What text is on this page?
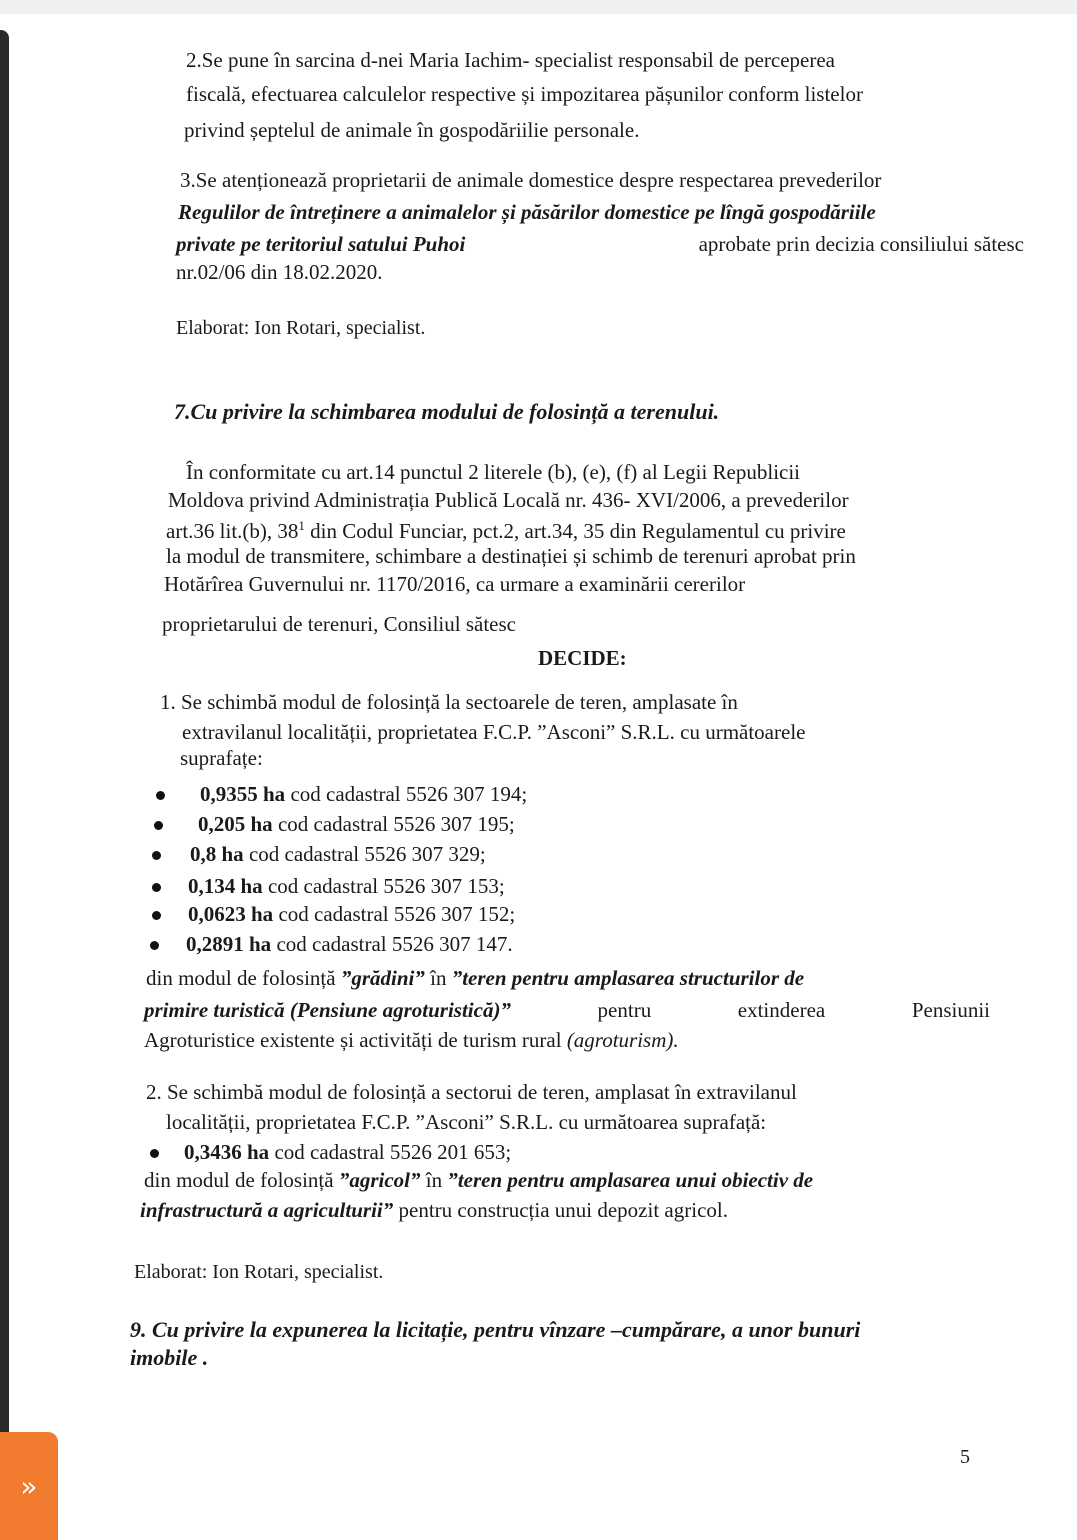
2.Se pune în sarcina d-nei Maria Iachim- specialist responsabil de perceperea
fiscală, efectuarea calculelor respective și impozitarea pășunilor conform listelor
privind șeptelul de animale în gospodăriilie personale.
3.Se atenționează proprietarii de animale domestice despre respectarea prevederilor
Regulilor de întreținere a animalelor și păsărilor domestice pe lîngă gospodăriile
private pe teritoriul satului Puhoi	aprobate prin decizia consiliului sătesc
nr.02/06 din 18.02.2020.
Elaborat: Ion Rotari, specialist.
7.Cu privire la schimbarea modului de folosință a terenului.
În conformitate cu art.14 punctul 2 literele (b), (e), (f) al Legii Republicii
Moldova privind Administrația Publică Locală nr. 436- XVI/2006, a prevederilor
art.36 lit.(b), $38^1$ din Codul Funciar, pct.2, art.34, 35 din Regulamentul cu privire
la modul de transmitere, schimbare a destinației și schimb de terenuri aprobat prin
Hotărîrea Guvernului nr. 1170/2016, ca urmare a examinării cererilor
proprietarului de terenuri, Consiliul sătesc
DECIDE:
1. Se schimbă modul de folosință la sectoarele de teren, amplasate în
extravilanul localității, proprietatea F.C.P. ”Asconi” S.R.L. cu următoarele
suprafațe:
0,9355 ha cod cadastral 5526 307 194;
0,205 ha cod cadastral 5526 307 195;
0,8 ha cod cadastral 5526 307 329;
0,134 ha cod cadastral 5526 307 153;
0,0623 ha cod cadastral 5526 307 152;
0,2891 ha cod cadastral 5526 307 147.
din modul de folosință ”grădini” în ”teren pentru amplasarea structurilor de
primire turistică (Pensiune agroturistică)”	pentru	extinderea	Pensiunii
Agroturistice existente și activități de turism rural (agroturism).
2. Se schimbă modul de folosință a sectorui de teren, amplasat în extravilanul
localității, proprietatea F.C.P. ”Asconi” S.R.L. cu următoarea suprafață:
0,3436 ha cod cadastral 5526 201 653;
din modul de folosință ”agricol” în ”teren pentru amplasarea unui obiectiv de
infrastructură a agriculturii” pentru construcția unui depozit agricol.
Elaborat: Ion Rotari, specialist.
9. Cu privire la expunerea la licitație, pentru vînzare –cumpărare, a unor bunuri
imobile .
5
»
